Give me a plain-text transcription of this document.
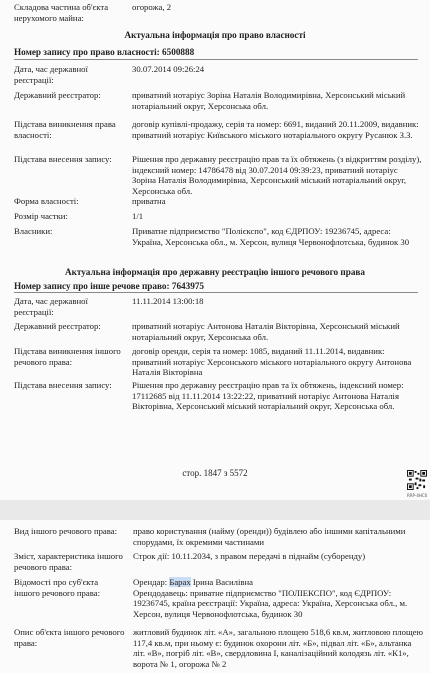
Складова частина об'єкта нерухомого майна:
огорожа, 2
Актуальна інформація про право власності
Номер запису про право власності: 6500888
Дата, час державної реєстрації:
30.07.2014 09:26:24
Державний реєстратор:	приватний нотаріус Зоріна Наталія Володимирівна, Херсонський міський нотаріальний округ, Херсонська обл.
Підстава виникнення права власності:
договір купівлі-продажу, серія та номер: 6691, виданий 20.11.2009, видавник: приватний нотаріус Київського міського нотаріального округу Русанюк З.З.
Підстава внесення запису:	Рішення про державну реєстрацію прав та їх обтяжень (з відкриттям розділу), індексний номер: 14786478 від 30.07.2014 09:39:23, приватний нотаріус Зоріна Наталія Володимирівна, Херсонський міський нотаріальний округ, Херсонська обл.
Форма власності:	приватна
Розмір частки:	1/1
Власники:	Приватне підприємство "Полієкспо", код ЄДРПОУ: 19236745, адреса: Україна, Херсонська обл., м. Херсон, вулиця Червонофлотська, будинок 30
Актуальна інформація про державну реєстрацію іншого речового права
Номер запису про інше речове право: 7643975
Дата, час державної реєстрації:
11.11.2014 13:00:18
Державний реєстратор:	приватний нотаріус Антонова Наталія Вікторівна, Херсонський міський нотаріальний округ, Херсонська обл.
Підстава виникнення іншого речового права:
договір оренди, серія та номер: 1085, виданий 11.11.2014, видавник: приватний нотаріус Херсонського міського нотаріального округу Антонова Наталія Вікторівна
Підстава внесення запису:	Рішення про державну реєстрацію прав та їх обтяжень, індексний номер: 17112685 від 11.11.2014 13:22:22, приватний нотаріус Антонова Наталія Вікторівна, Херсонський міський нотаріальний округ, Херсонська обл.
стор. 1847 з 5572
RRP-4HC0
Вид іншого речового права:	право користування (найму (оренди)) будівлею або іншими капітальними спорудами, їх окремими частинами
Зміст, характеристика іншого речового права:
Строк дії: 10.11.2034, з правом передачі в піднайм (суборенду)
Відомості про суб'єкта іншого речового права:
Орендар: Барах Ірина Василівна
Орендодавець: приватне підприємство "ПОЛІЕКСПО", код ЄДРПОУ: 19236745, країна реєстрації: Україна, адреса: Україна, Херсонська обл., м. Херсон, вулиця Червонофлотська, будинок 30
Опис об'єкта іншого речового права:
житловий будинок літ. «А», загальною площею 518,6 кв.м, житловою площею 117,4 кв.м, при ньому є: будинок охорони літ. «Б», підвал літ. «Б», альтанка літ. «В», погріб літ. «В», свердловина І, каналізаційний колодязь літ. «К1», ворота № 1, огорожа № 2
